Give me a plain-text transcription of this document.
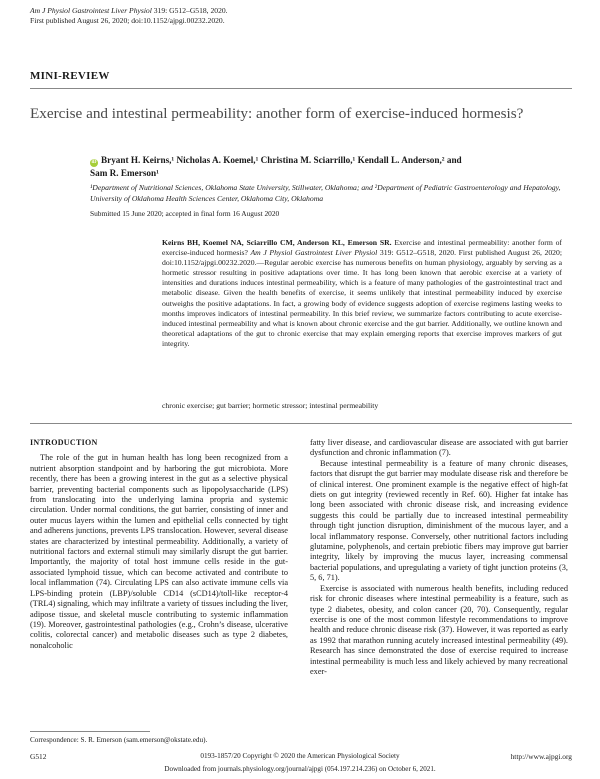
Am J Physiol Gastrointest Liver Physiol 319: G512–G518, 2020.
First published August 26, 2020; doi:10.1152/ajpgi.00232.2020.
MINI-REVIEW
Exercise and intestinal permeability: another form of exercise-induced hormesis?
iD Bryant H. Keirns,¹ Nicholas A. Koemel,¹ Christina M. Sciarrillo,¹ Kendall L. Anderson,² and
Sam R. Emerson¹
¹Department of Nutritional Sciences, Oklahoma State University, Stillwater, Oklahoma; and ²Department of Pediatric Gastroenterology and Hepatology, University of Oklahoma Health Sciences Center, Oklahoma City, Oklahoma
Submitted 15 June 2020; accepted in final form 16 August 2020
Keirns BH, Koemel NA, Sciarrillo CM, Anderson KL, Emerson SR. Exercise and intestinal permeability: another form of exercise-induced hormesis? Am J Physiol Gastrointest Liver Physiol 319: G512–G518, 2020. First published August 26, 2020; doi:10.1152/ajpgi.00232.2020.—Regular aerobic exercise has numerous benefits on human physiology, arguably by serving as a hormetic stressor resulting in positive adaptations over time. It has long been known that aerobic exercise at a variety of intensities and durations induces intestinal permeability, which is a feature of many pathologies of the gastrointestinal tract and metabolic disease. Given the health benefits of exercise, it seems unlikely that intestinal permeability induced by exercise outweighs the positive adaptations. In fact, a growing body of evidence suggests adoption of exercise regimens lasting weeks to months improves indicators of intestinal permeability. In this brief review, we summarize factors contributing to acute exercise-induced intestinal permeability and what is known about chronic exercise and the gut barrier. Additionally, we outline known and theoretical adaptations of the gut to chronic exercise that may explain emerging reports that exercise improves markers of gut integrity.
chronic exercise; gut barrier; hormetic stressor; intestinal permeability
INTRODUCTION

The role of the gut in human health has long been recognized from a nutrient absorption standpoint and by harboring the gut microbiota. More recently, there has been a growing interest in the gut as a selective physical barrier, preventing bacterial components such as lipopolysaccharide (LPS) from translocating into the underlying lamina propria and systemic circulation. Under normal conditions, the gut barrier, consisting of inner and outer mucus layers within the lumen and epithelial cells connected by tight and adherens junctions, prevents LPS translocation. However, several disease states are characterized by intestinal permeability. Additionally, a variety of nutritional factors and external stimuli may similarly disrupt the gut barrier. Importantly, the majority of total host immune cells reside in the gut-associated lymphoid tissue, which can become activated and contribute to local inflammation (74). Circulating LPS can also activate immune cells via LPS-binding protein (LBP)/soluble CD14 (sCD14)/toll-like receptor-4 (TRL4) signaling, which may infiltrate a variety of tissues including the liver, adipose tissue, and skeletal muscle contributing to systemic inflammation (19). Moreover, gastrointestinal pathologies (e.g., Crohn’s disease, ulcerative colitis, colorectal cancer) and metabolic diseases such as type 2 diabetes, nonalcoholic

fatty liver disease, and cardiovascular disease are associated with gut barrier dysfunction and chronic inflammation (7).

Because intestinal permeability is a feature of many chronic diseases, factors that disrupt the gut barrier may modulate disease risk and therefore be of clinical interest. One prominent example is the negative effect of high-fat diets on gut integrity (reviewed recently in Ref. 60). Higher fat intake has long been associated with chronic disease risk, and increasing evidence suggests this could be partially due to increased intestinal permeability through tight junction disruption, diminishment of the mucous layer, and a local inflammatory response. Conversely, other nutritional factors including glutamine, polyphenols, and certain prebiotic fibers may improve gut barrier integrity, likely by improving the mucus layer, increasing commensal bacterial populations, and upregulating a variety of tight junction proteins (3, 5, 6, 71).

Exercise is associated with numerous health benefits, including reduced risk for chronic diseases where intestinal permeability is a feature, such as type 2 diabetes, obesity, and colon cancer (20, 70). Consequently, regular exercise is one of the most common lifestyle recommendations to improve health and reduce chronic disease risk (37). However, it was reported as early as 1992 that marathon running acutely increased intestinal permeability (49). Research has since demonstrated the dose of exercise required to increase intestinal permeability is much less and likely achieved by many recreational exer-

Correspondence: S. R. Emerson (sam.emerson@okstate.edu).
G512	0193-1857/20 Copyright © 2020 the American Physiological Society	http://www.ajpgi.org
Downloaded from journals.physiology.org/journal/ajpgi (054.197.214.236) on October 6, 2021.
